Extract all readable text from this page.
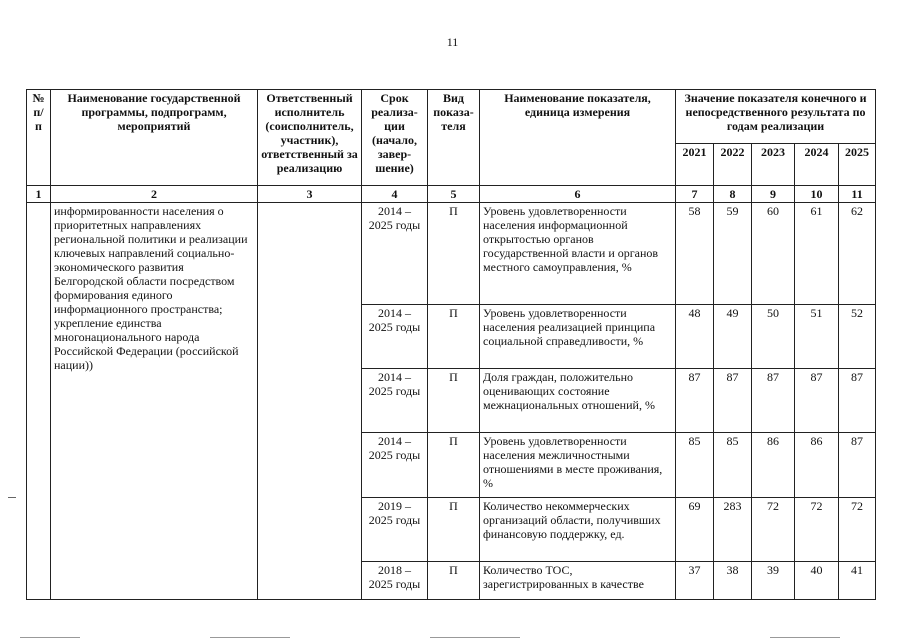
11
№ п/п	Наименование государственной программы, подпрограмм, мероприятий	Ответственный исполнитель (соисполнитель, участник), ответственный за реализацию	Срок реализа- ции (начало, завер- шение)	Вид показа- теля	Наименование показателя, единица измерения	Значение показателя конечного и непосредственного результата по годам реализации				
						2021	2022	2023	2024	2025
1	2	3	4	5	6	7	8	9	10	11
	информированности населения о приоритетных направлениях региональной политики и реализации ключевых направлений социально-экономического развития Белгородской области посредством формирования единого информационного пространства; укрепление единства многонационального народа Российской Федерации (российской нации))		2014 – 2025 годы	П	Уровень удовлетворенности населения информационной открытостью органов государственной власти и органов местного самоуправления, %	58	59	60	61	62
			2014 – 2025 годы	П	Уровень удовлетворенности населения реализацией принципа социальной справедливости, %	48	49	50	51	52
			2014 – 2025 годы	П	Доля граждан, положительно оценивающих состояние межнациональных отношений, %	87	87	87	87	87
			2014 – 2025 годы	П	Уровень удовлетворенности населения межличностными отношениями в месте проживания, %	85	85	86	86	87
			2019 – 2025 годы	П	Количество некоммерческих организаций области, получивших финансовую поддержку, ед.	69	283	72	72	72
			2018 – 2025 годы	П	Количество ТОС, зарегистрированных в качестве	37	38	39	40	41
